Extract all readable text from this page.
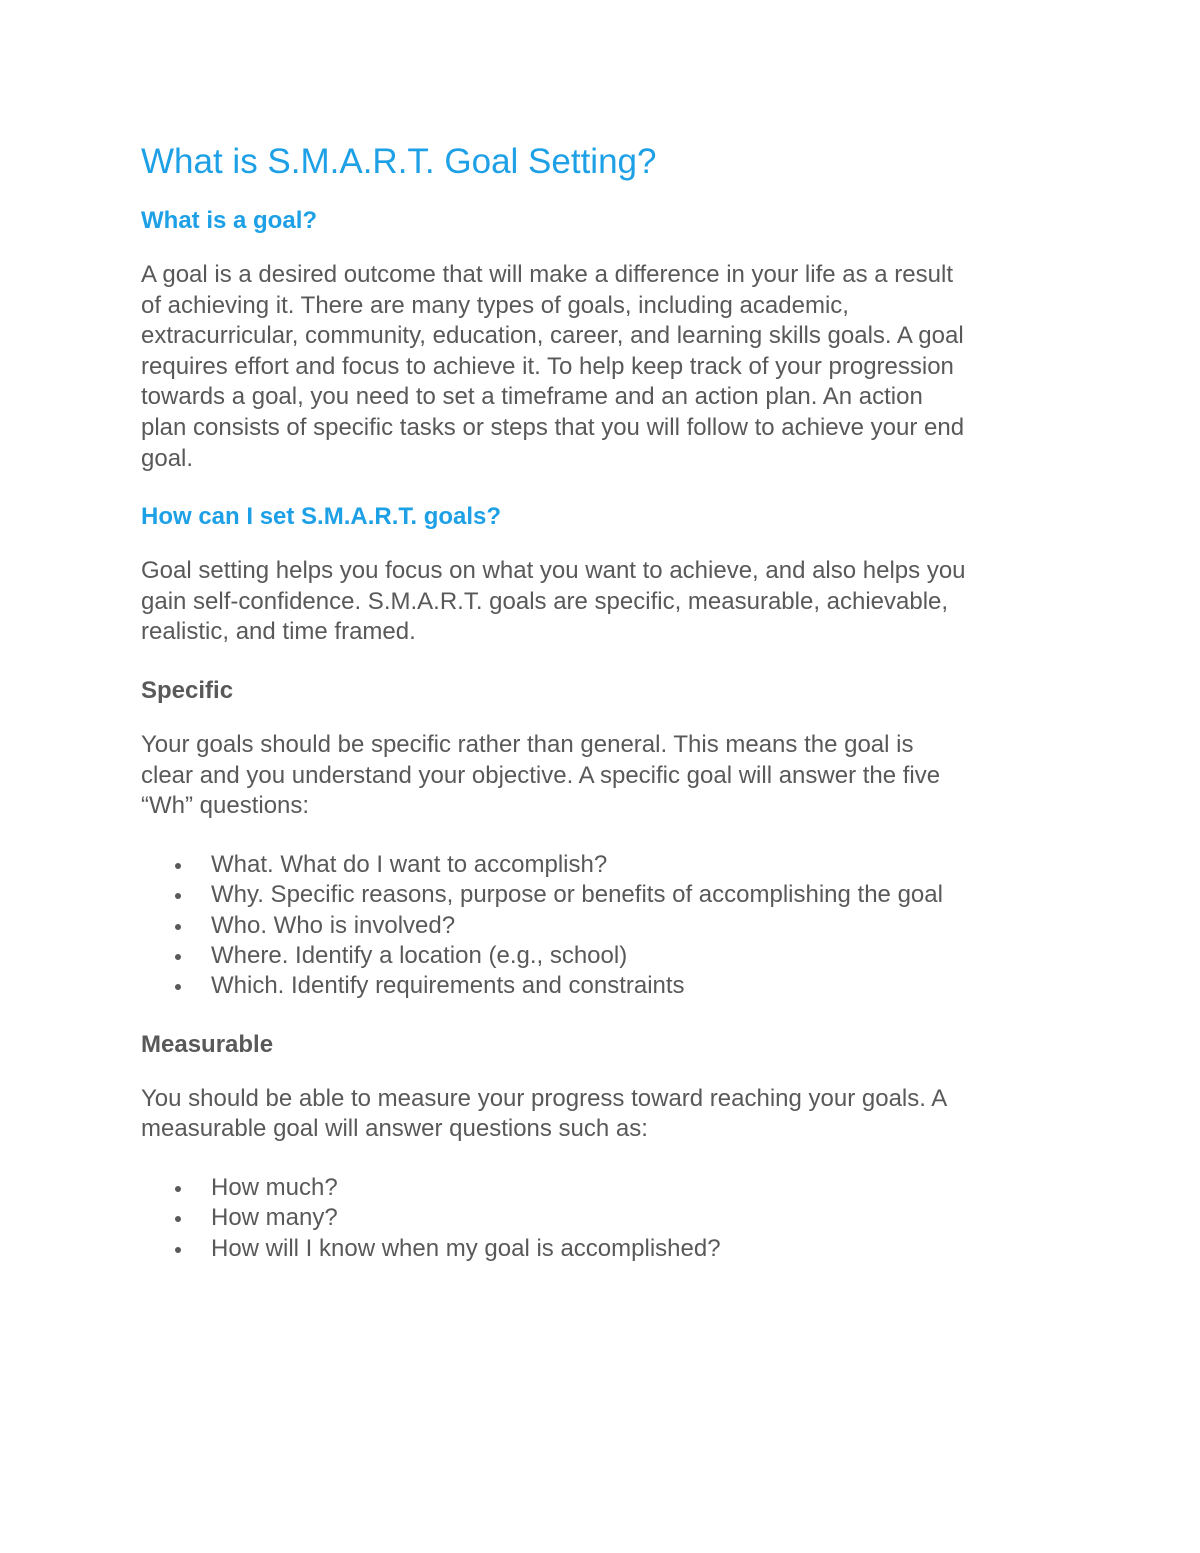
What is S.M.A.R.T. Goal Setting?
What is a goal?

A goal is a desired outcome that will make a difference in your life as a result
of achieving it. There are many types of goals, including academic,
extracurricular, community, education, career, and learning skills goals. A goal
requires effort and focus to achieve it. To help keep track of your progression
towards a goal, you need to set a timeframe and an action plan. An action
plan consists of specific tasks or steps that you will follow to achieve your end
goal.

How can I set S.M.A.R.T. goals?

Goal setting helps you focus on what you want to achieve, and also helps you
gain self-confidence. S.M.A.R.T. goals are specific, measurable, achievable,
realistic, and time framed.

Specific

Your goals should be specific rather than general. This means the goal is
clear and you understand your objective. A specific goal will answer the five
“Wh” questions:

What. What do I want to accomplish?
Why. Specific reasons, purpose or benefits of accomplishing the goal
Who. Who is involved?
Where. Identify a location (e.g., school)
Which. Identify requirements and constraints
Measurable

You should be able to measure your progress toward reaching your goals. A
measurable goal will answer questions such as:

How much?
How many?
How will I know when my goal is accomplished?
